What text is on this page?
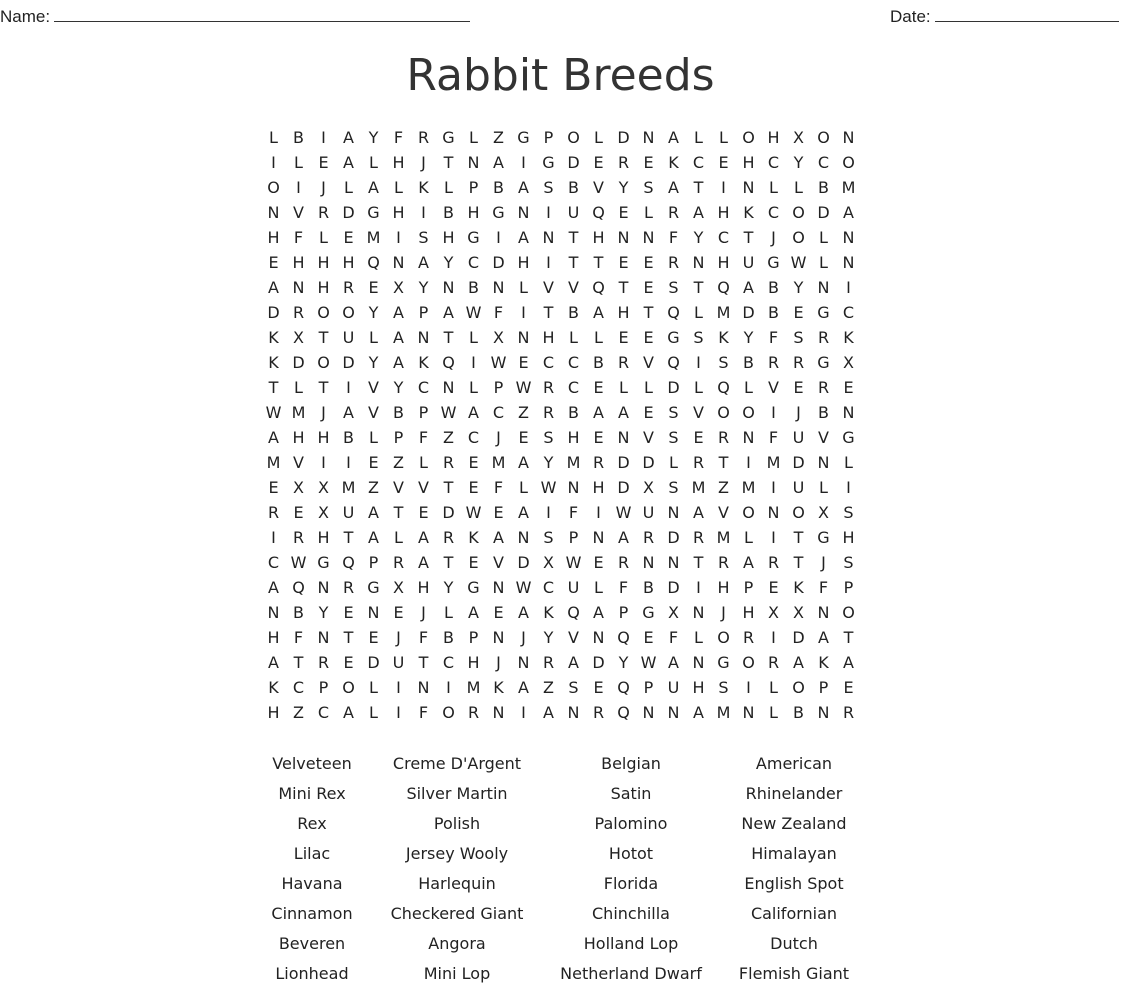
Name:	Date:
Rabbit Breeds
L B I A Y F R G L Z G P O L D N A L L O H X O N
I L E A L H J T N A I G D E R E K C E H C Y C O
O I J L A L K L P B A S B V Y S A T I N L L B M
N V R D G H I B H G N I U Q E L R A H K C O D A
H F L E M I S H G I A N T H N N F Y C T J O L N
E H H H Q N A Y C D H I T T E E R N H U G W L N
A N H R E X Y N B N L V V Q T E S T Q A B Y N I
D R O O Y A P A W F I T B A H T Q L M D B E G C
K X T U L A N T L X N H L L E E G S K Y F S R K
K D O D Y A K Q I W E C C B R V Q I S B R R G X
T L T I V Y C N L P W R C E L L D L Q L V E R E
W M J A V B P W A C Z R B A A E S V O O I J B N
A H H B L P F Z C J E S H E N V S E R N F U V G
M V I I E Z L R E M A Y M R D D L R T I M D N L
E X X M Z V V T E F L W N H D X S M Z M I U L I
R E X U A T E D W E A I F I W U N A V O N O X S
I R H T A L A R K A N S P N A R D R M L I T G H
C W G Q P R A T E V D X W E R N N T R A R T J S
A Q N R G X H Y G N W C U L F B D I H P E K F P
N B Y E N E J L A E A K Q A P G X N J H X X N O
H F N T E J F B P N J Y V N Q E F L O R I D A T
A T R E D U T C H J N R A D Y W A N G O R A K A
K C P O L I N I M K A Z S E Q P U H S I L O P E
H Z C A L I F O R N I A N R Q N N A M N L B N R
Velveteen
Mini Rex
Rex
Lilac
Havana
Cinnamon
Beveren
Lionhead
Creme D'Argent
Silver Martin
Polish
Jersey Wooly
Harlequin
Checkered Giant
Angora
Mini Lop
Belgian
Satin
Palomino
Hotot
Florida
Chinchilla
Holland Lop
Netherland Dwarf
American
Rhinelander
New Zealand
Himalayan
English Spot
Californian
Dutch
Flemish Giant
